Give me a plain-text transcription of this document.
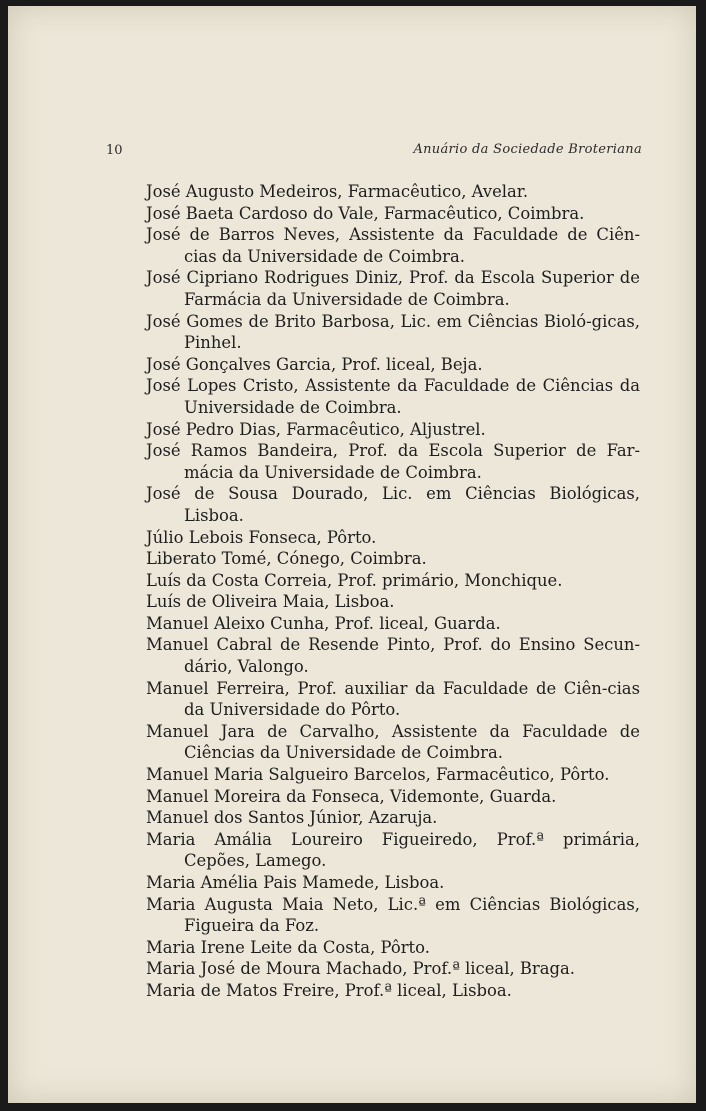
10	Anuário da Sociedade Broteriana
José Augusto Medeiros, Farmacêutico, Avelar.
José Baeta Cardoso do Vale, Farmacêutico, Coimbra.
José de Barros Neves, Assistente da Faculdade de Ciên-cias da Universidade de Coimbra.
José Cipriano Rodrigues Diniz, Prof. da Escola Superior de Farmácia da Universidade de Coimbra.
José Gomes de Brito Barbosa, Lic. em Ciências Bioló-gicas, Pinhel.
José Gonçalves Garcia, Prof. liceal, Beja.
José Lopes Cristo, Assistente da Faculdade de Ciências da Universidade de Coimbra.
José Pedro Dias, Farmacêutico, Aljustrel.
José Ramos Bandeira, Prof. da Escola Superior de Far-mácia da Universidade de Coimbra.
José de Sousa Dourado, Lic. em Ciências Biológicas, Lisboa.
Júlio Lebois Fonseca, Pôrto.
Liberato Tomé, Cónego, Coimbra.
Luís da Costa Correia, Prof. primário, Monchique.
Luís de Oliveira Maia, Lisboa.
Manuel Aleixo Cunha, Prof. liceal, Guarda.
Manuel Cabral de Resende Pinto, Prof. do Ensino Secun-dário, Valongo.
Manuel Ferreira, Prof. auxiliar da Faculdade de Ciên-cias da Universidade do Pôrto.
Manuel Jara de Carvalho, Assistente da Faculdade de Ciências da Universidade de Coimbra.
Manuel Maria Salgueiro Barcelos, Farmacêutico, Pôrto.
Manuel Moreira da Fonseca, Videmonte, Guarda.
Manuel dos Santos Júnior, Azaruja.
Maria Amália Loureiro Figueiredo, Prof.ª primária, Cepões, Lamego.
Maria Amélia Pais Mamede, Lisboa.
Maria Augusta Maia Neto, Lic.ª em Ciências Biológicas, Figueira da Foz.
Maria Irene Leite da Costa, Pôrto.
Maria José de Moura Machado, Prof.ª liceal, Braga.
Maria de Matos Freire, Prof.ª liceal, Lisboa.
